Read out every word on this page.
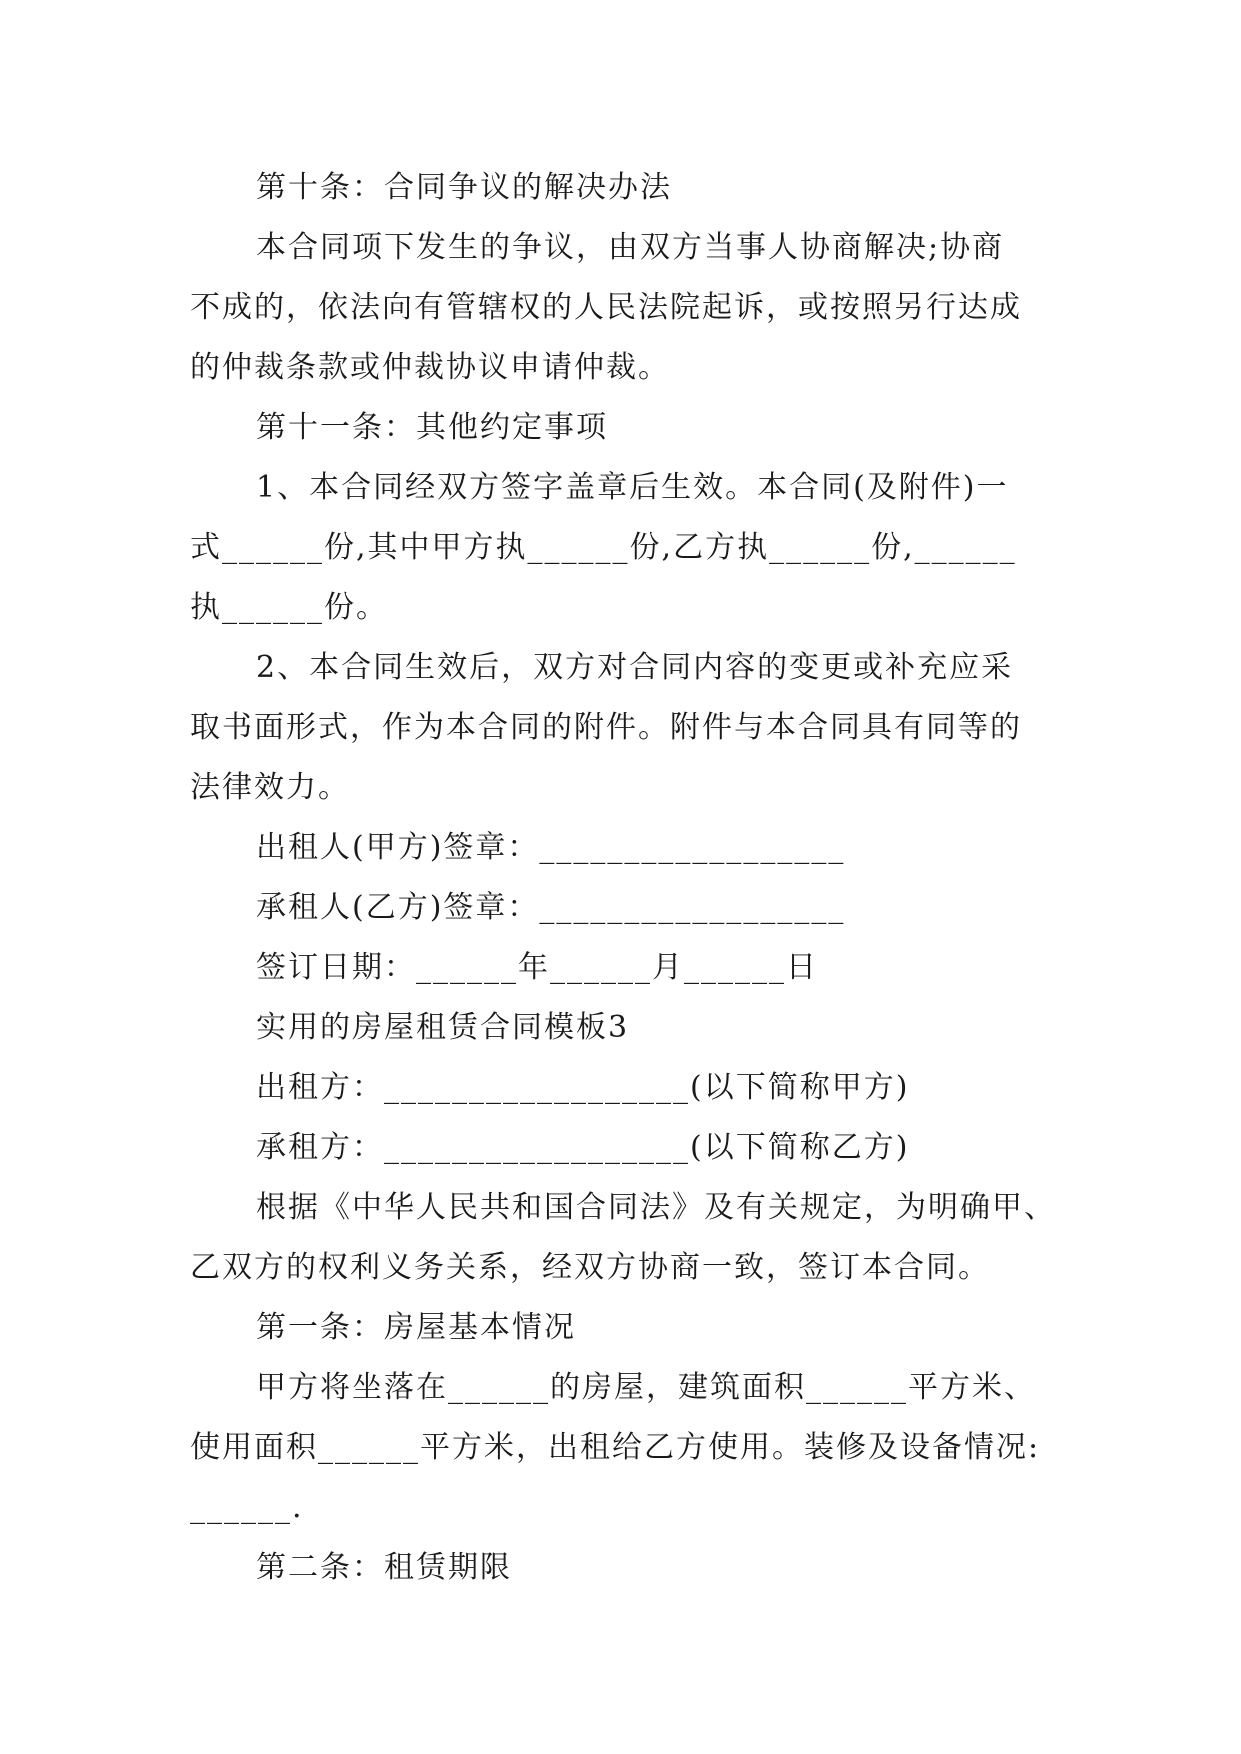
第十条：合同争议的解决办法
本合同项下发生的争议，由双方当事人协商解决;协商
不成的，依法向有管辖权的人民法院起诉，或按照另行达成
的仲裁条款或仲裁协议申请仲裁。
第十一条：其他约定事项
1、本合同经双方签字盖章后生效。本合同(及附件)一
式______份,其中甲方执______份,乙方执______份,______
执______份。
2、本合同生效后，双方对合同内容的变更或补充应采
取书面形式，作为本合同的附件。附件与本合同具有同等的
法律效力。
出租人(甲方)签章：__________________
承租人(乙方)签章：__________________
签订日期：______年______月______日
实用的房屋租赁合同模板3
出租方：__________________(以下简称甲方)
承租方：__________________(以下简称乙方)
根据《中华人民共和国合同法》及有关规定，为明确甲、
乙双方的权利义务关系，经双方协商一致，签订本合同。
第一条：房屋基本情况
甲方将坐落在______的房屋，建筑面积______平方米、
使用面积______平方米，出租给乙方使用。装修及设备情况:
______.
第二条：租赁期限
